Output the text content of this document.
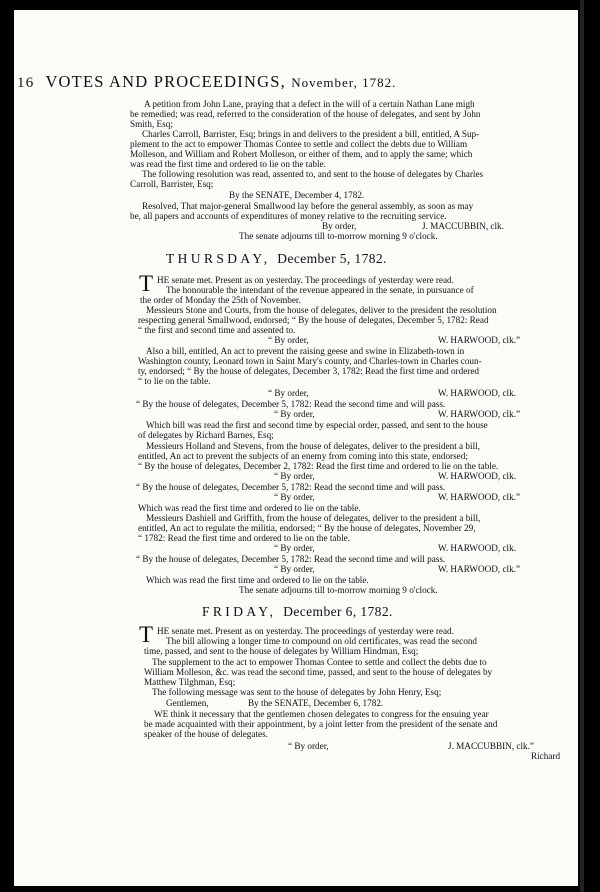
16 VOTES AND PROCEEDINGS, November, 1782.
A petition from John Lane, praying that a defect in the will of a certain Nathan Lane migh
be remedied; was read, referred to the consideration of the house of delegates, and sent by John
Smith, Esq;
Charles Carroll, Barrister, Esq; brings in and delivers to the president a bill, entitled, A Sup-
plement to the act to empower Thomas Contee to settle and collect the debts due to William
Molleson, and William and Robert Molleson, or either of them, and to apply the same; which
was read the first time and ordered to lie on the table.
The following resolution was read, assented to, and sent to the house of delegates by Charles
Carroll, Barrister, Esq;
By the SENATE, December 4, 1782.
Resolved, That major-general Smallwood lay before the general assembly, as soon as may
be, all papers and accounts of expenditures of money relative to the recruiting service.
By order,	J. MACCUBBIN, clk.
The senate adjourns till to-morrow morning 9 o'clock.
THURSDAY, December 5, 1782.
T HE senate met. Present as on yesterday. The proceedings of yesterday were read.
The honourable the intendant of the revenue appeared in the senate, in pursuance of
the order of Monday the 25th of November.
Messieurs Stone and Courts, from the house of delegates, deliver to the president the resolution
respecting general Smallwood, endorsed; “ By the house of delegates, December 5, 1782: Read
“ the first and second time and assented to.
“ By order,	W. HARWOOD, clk.”
Also a bill, entitled, An act to prevent the raising geese and swine in Elizabeth-town in
Washington county, Leonard town in Saint Mary's county, and Charles-town in Charles coun-
ty, endorsed; “ By the house of delegates, December 3, 1782: Read the first time and ordered
“ to lie on the table.
“ By order,	W. HARWOOD, clk.
“ By the house of delegates, December 5, 1782: Read the second time and will pass.
“ By order,	W. HARWOOD, clk.”
Which bill was read the first and second time by especial order, passed, and sent to the house
of delegates by Richard Barnes, Esq;
Messieurs Holland and Stevens, from the house of delegates, deliver to the president a bill,
entitled, An act to prevent the subjects of an enemy from coming into this state, endorsed;
“ By the house of delegates, December 2, 1782: Read the first time and ordered to lie on the table.
“ By order,	W. HARWOOD, clk.
“ By the house of delegates, December 5, 1782: Read the second time and will pass.
“ By order,	W. HARWOOD, clk.”
Which was read the first time and ordered to lie on the table.
Messieurs Dashiell and Griffith, from the house of delegates, deliver to the president a bill,
entitled, An act to regulate the militia, endorsed; “ By the house of delegates, November 29,
“ 1782: Read the first time and ordered to lie on the table.
“ By order,	W. HARWOOD, clk.
“ By the house of delegates, December 5, 1782: Read the second time and will pass.
“ By order,	W. HARWOOD, clk.”
Which was read the first time and ordered to lie on the table.
The senate adjourns till to-morrow morning 9 o'clock.
FRIDAY, December 6, 1782.
T HE senate met. Present as on yesterday. The proceedings of yesterday were read.
The bill allowing a longer time to compound on old certificates, was read the second
time, passed, and sent to the house of delegates by William Hindman, Esq;
The supplement to the act to empower Thomas Contee to settle and collect the debts due to
William Molleson, &c. was read the second time, passed, and sent to the house of delegates by
Matthew Tilghman, Esq;
The following message was sent to the house of delegates by John Henry, Esq;
Gentlemen,	By the SENATE, December 6, 1782.
WE think it necessary that the gentlemen chosen delegates to congress for the ensuing year
be made acquainted with their appointment, by a joint letter from the president of the senate and
speaker of the house of delegates.
“ By order,	J. MACCUBBIN, clk.”
Richard
